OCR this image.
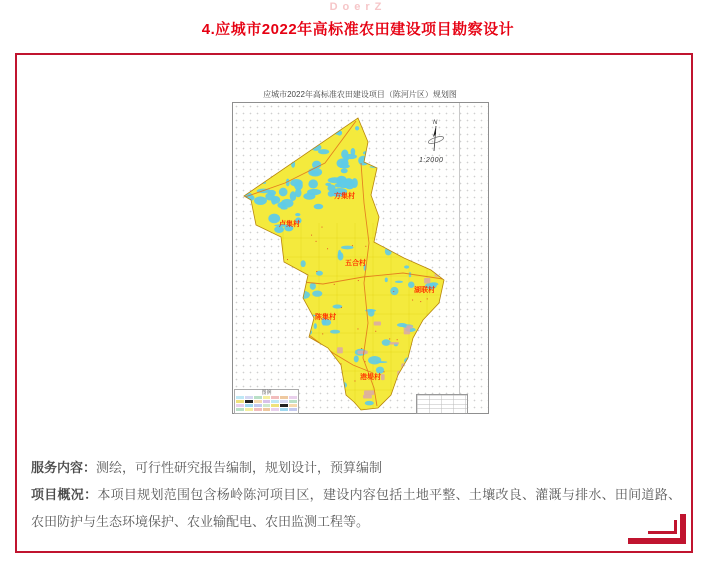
DoerZ
4.应城市2022年高标准农田建设项目勘察设计
应城市2022年高标准农田建设项目（陈河片区）规划图
方集村
卢集村
五合村
湖联村
陈集村
港堤村
N
1:2000
图例

服务内容：测绘，可行性研究报告编制，规划设计，预算编制

项目概况：本项目规划范围包含杨岭陈河项目区，建设内容包括土地平整、土壤改良、灌溉与排水、田间道路、农田防护与生态环境保护、农业输配电、农田监测工程等。
